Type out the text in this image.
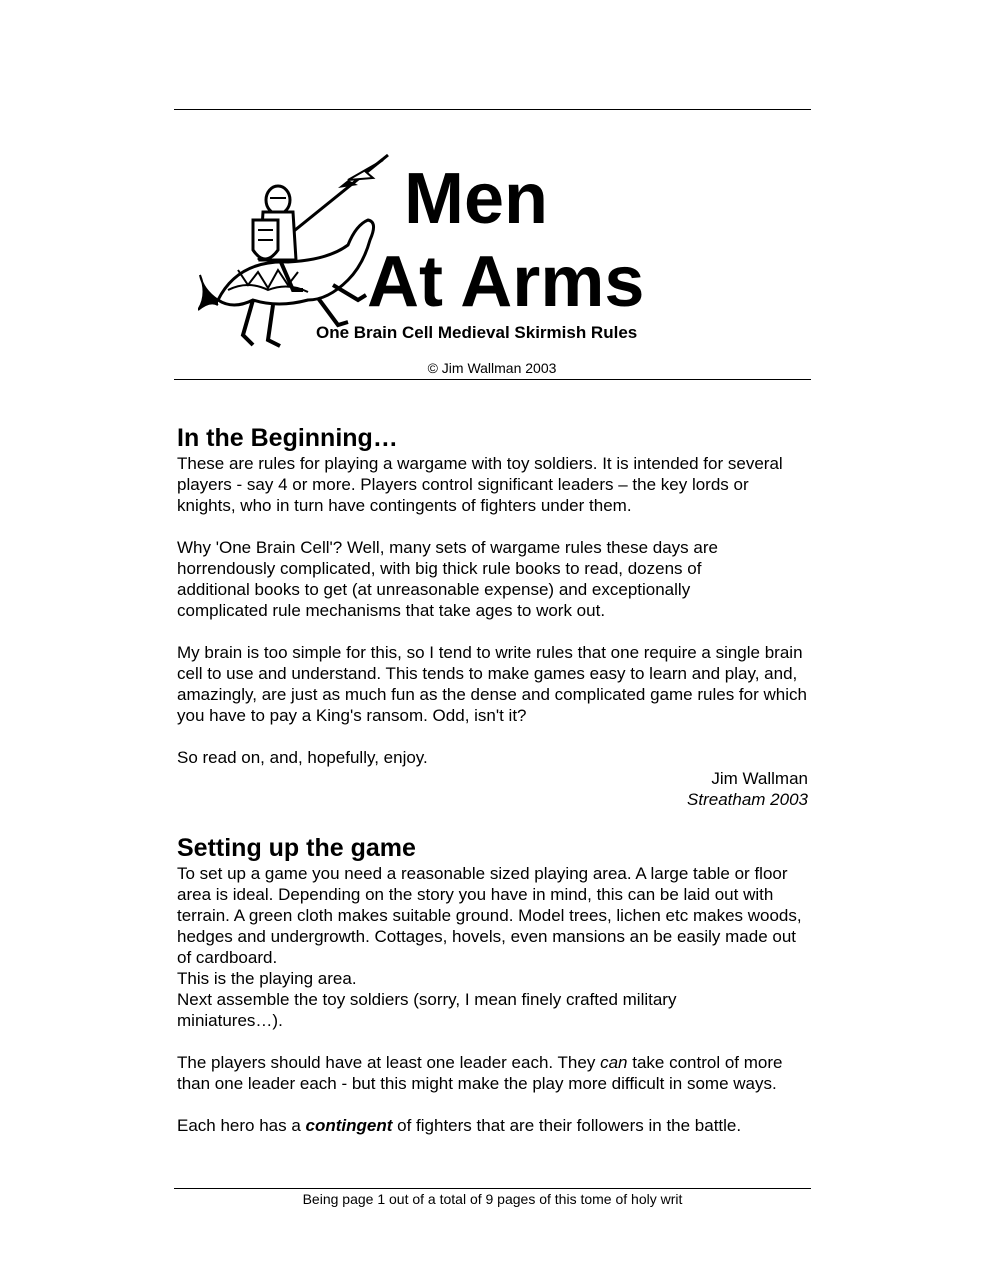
Men
At Arms
One Brain Cell Medieval Skirmish Rules
© Jim Wallman 2003
In the Beginning…

These are rules for playing a wargame with toy soldiers. It is intended for several players - say 4 or more. Players control significant leaders – the key lords or knights, who in turn have contingents of fighters under them.

Why 'One Brain Cell'? Well, many sets of wargame rules these days are horrendously complicated, with big thick rule books to read, dozens of additional books to get (at unreasonable expense) and exceptionally complicated rule mechanisms that take ages to work out.

My brain is too simple for this, so I tend to write rules that one require a single brain cell to use and understand. This tends to make games easy to learn and play, and, amazingly, are just as much fun as the dense and complicated game rules for which you have to pay a King's ransom. Odd, isn't it?

So read on, and, hopefully, enjoy.

Jim Wallman
Streatham 2003
Setting up the game

To set up a game you need a reasonable sized playing area. A large table or floor area is ideal. Depending on the story you have in mind, this can be laid out with terrain. A green cloth makes suitable ground. Model trees, lichen etc makes woods, hedges and undergrowth. Cottages, hovels, even mansions an be easily made out of cardboard.

This is the playing area.

Next assemble the toy soldiers (sorry, I mean finely crafted military miniatures…).

The players should have at least one leader each. They can take control of more than one leader each - but this might make the play more difficult in some ways.

Each hero has a contingent of fighters that are their followers in the battle.

Being page 1 out of a total of 9 pages of this tome of holy writ
